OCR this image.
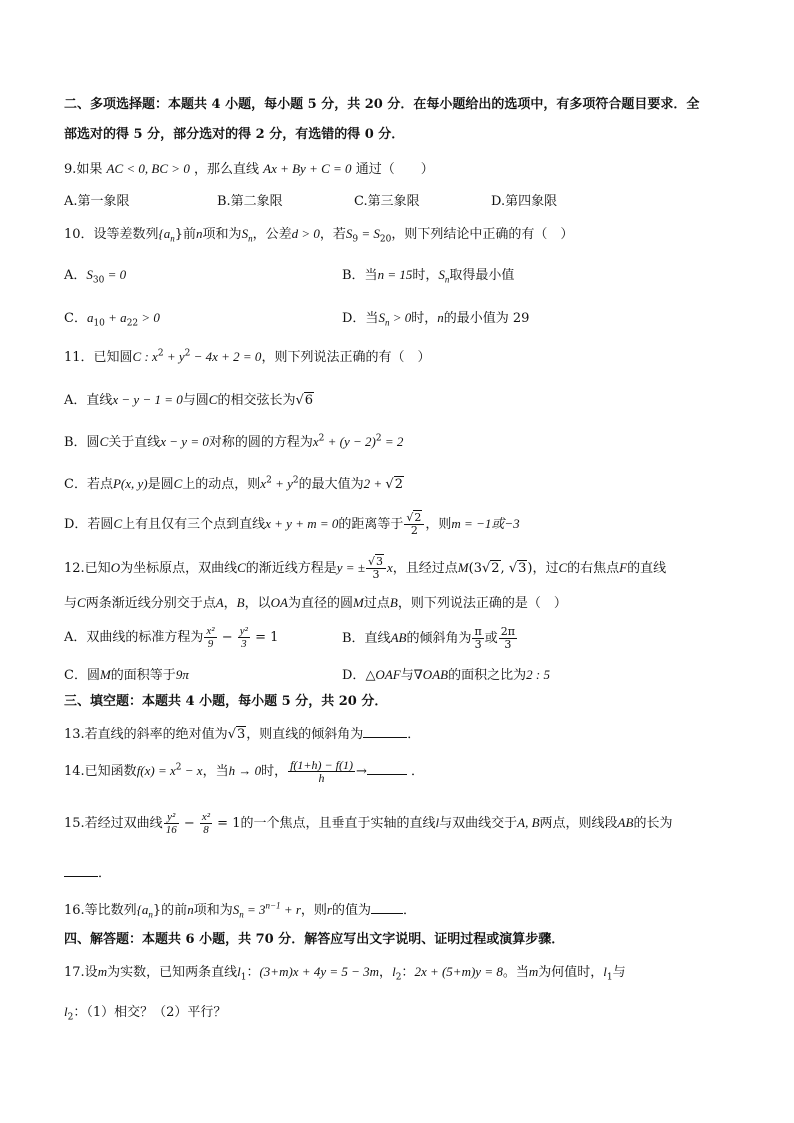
二、多项选择题：本题共 4 小题，每小题 5 分，共 20 分．在每小题给出的选项中，有多项符合题目要求．全
部选对的得 5 分，部分选对的得 2 分，有选错的得 0 分．
9.如果 AC < 0, BC > 0 ，那么直线 Ax + By + C = 0 通过（　　）
A.第一象限	B.第二象限	C.第三象限	D.第四象限
10．设等差数列$\{a_n\}$前n项和为$S_n$，公差d > 0，若$S_9 = S_{20}$，则下列结论中正确的有（　）
A．$S_{30} = 0$	B．当n = 15时，$S_n$取得最小值
C．$a_{10} + a_{22} > 0$	D．当$S_n > 0$时，n的最小值为 29
11．已知圆C : $x^2 + y^2 - 4x + 2 = 0$，则下列说法正确的有（　）
A．直线x − y − 1 = 0与圆C的相交弦长为√6
B．圆C关于直线x − y = 0对称的圆的方程为$x^2 + (y - 2)^2 = 2$
C．若点P(x, y)是圆C上的动点，则$x^2 + y^2$的最大值为2 + √2
D．若圆C上有且仅有三个点到直线x + y + m = 0的距离等于 $\frac{√2}{2}$ ，则m = −1或−3
12.已知O为坐标原点，双曲线C的渐近线方程是y = ± $\frac{√3}{3}$ x，且经过点M(3√2, √3)，过C的右焦点F的直线
与C两条渐近线分别交于点A，B，以OA为直径的圆M过点B，则下列说法正确的是（　）
A．双曲线的标准方程为 $\frac{\text{x²}}{9} - \frac{\text{y²}}{3} = 1$	B．直线AB的倾斜角为 $\frac{\pi}{3}$ 或 $\frac{2\pi}{3}$
C．圆M的面积等于9π	D．△OAF与∇OAB的面积之比为2 : 5
三、填空题：本题共 4 小题，每小题 5 分，共 20 分．
13.若直线的斜率的绝对值为√3，则直线的倾斜角为	．
14.已知函数$f(x) = x^2 - x$，当h → 0时， $\frac{f(1+h) - f(1)}{h}$ →	．
15.若经过双曲线 $\frac{\text{y²}}{16} - \frac{\text{x²}}{8} = 1$的一个焦点，且垂直于实轴的直线l与双曲线交于A, B两点，则线段AB的长为
．
16.等比数列$\{a_n\}$的前n项和为$S_n = 3^{n-1} + r$，则r的值为 ．
四、解答题：本题共 6 小题，共 70 分．解答应写出文字说明、证明过程或演算步骤．
17.设m为实数，已知两条直线$l_1$：(3+m)x + 4y = 5 − 3m，$l_2$：2x + (5+m)y = 8。当m为何值时，$l_1$与
$l_2$：（1）相交？（2）平行？
